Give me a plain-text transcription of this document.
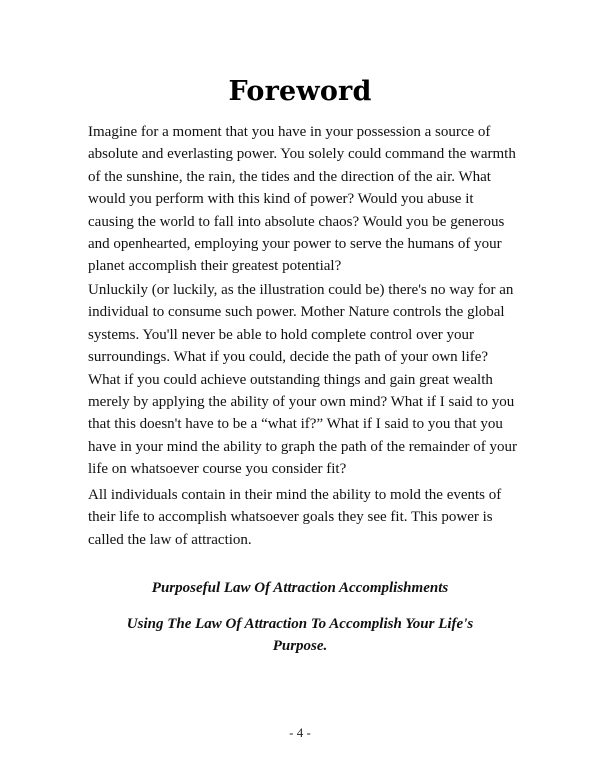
Foreword

Imagine for a moment that you have in your possession a source of absolute and everlasting power. You solely could command the warmth of the sunshine, the rain, the tides and the direction of the air. What would you perform with this kind of power? Would you abuse it causing the world to fall into absolute chaos? Would you be generous and openhearted, employing your power to serve the humans of your planet accomplish their greatest potential?

Unluckily (or luckily, as the illustration could be) there's no way for an individual to consume such power. Mother Nature controls the global systems. You'll never be able to hold complete control over your surroundings. What if you could, decide the path of your own life? What if you could achieve outstanding things and gain great wealth merely by applying the ability of your own mind? What if I said to you that this doesn't have to be a “what if?” What if I said to you that you have in your mind the ability to graph the path of the remainder of your life on whatsoever course you consider fit?

All individuals contain in their mind the ability to mold the events of their life to accomplish whatsoever goals they see fit. This power is called the law of attraction.

Purposeful Law Of Attraction Accomplishments

Using The Law Of Attraction To Accomplish Your Life's Purpose.

- 4 -
